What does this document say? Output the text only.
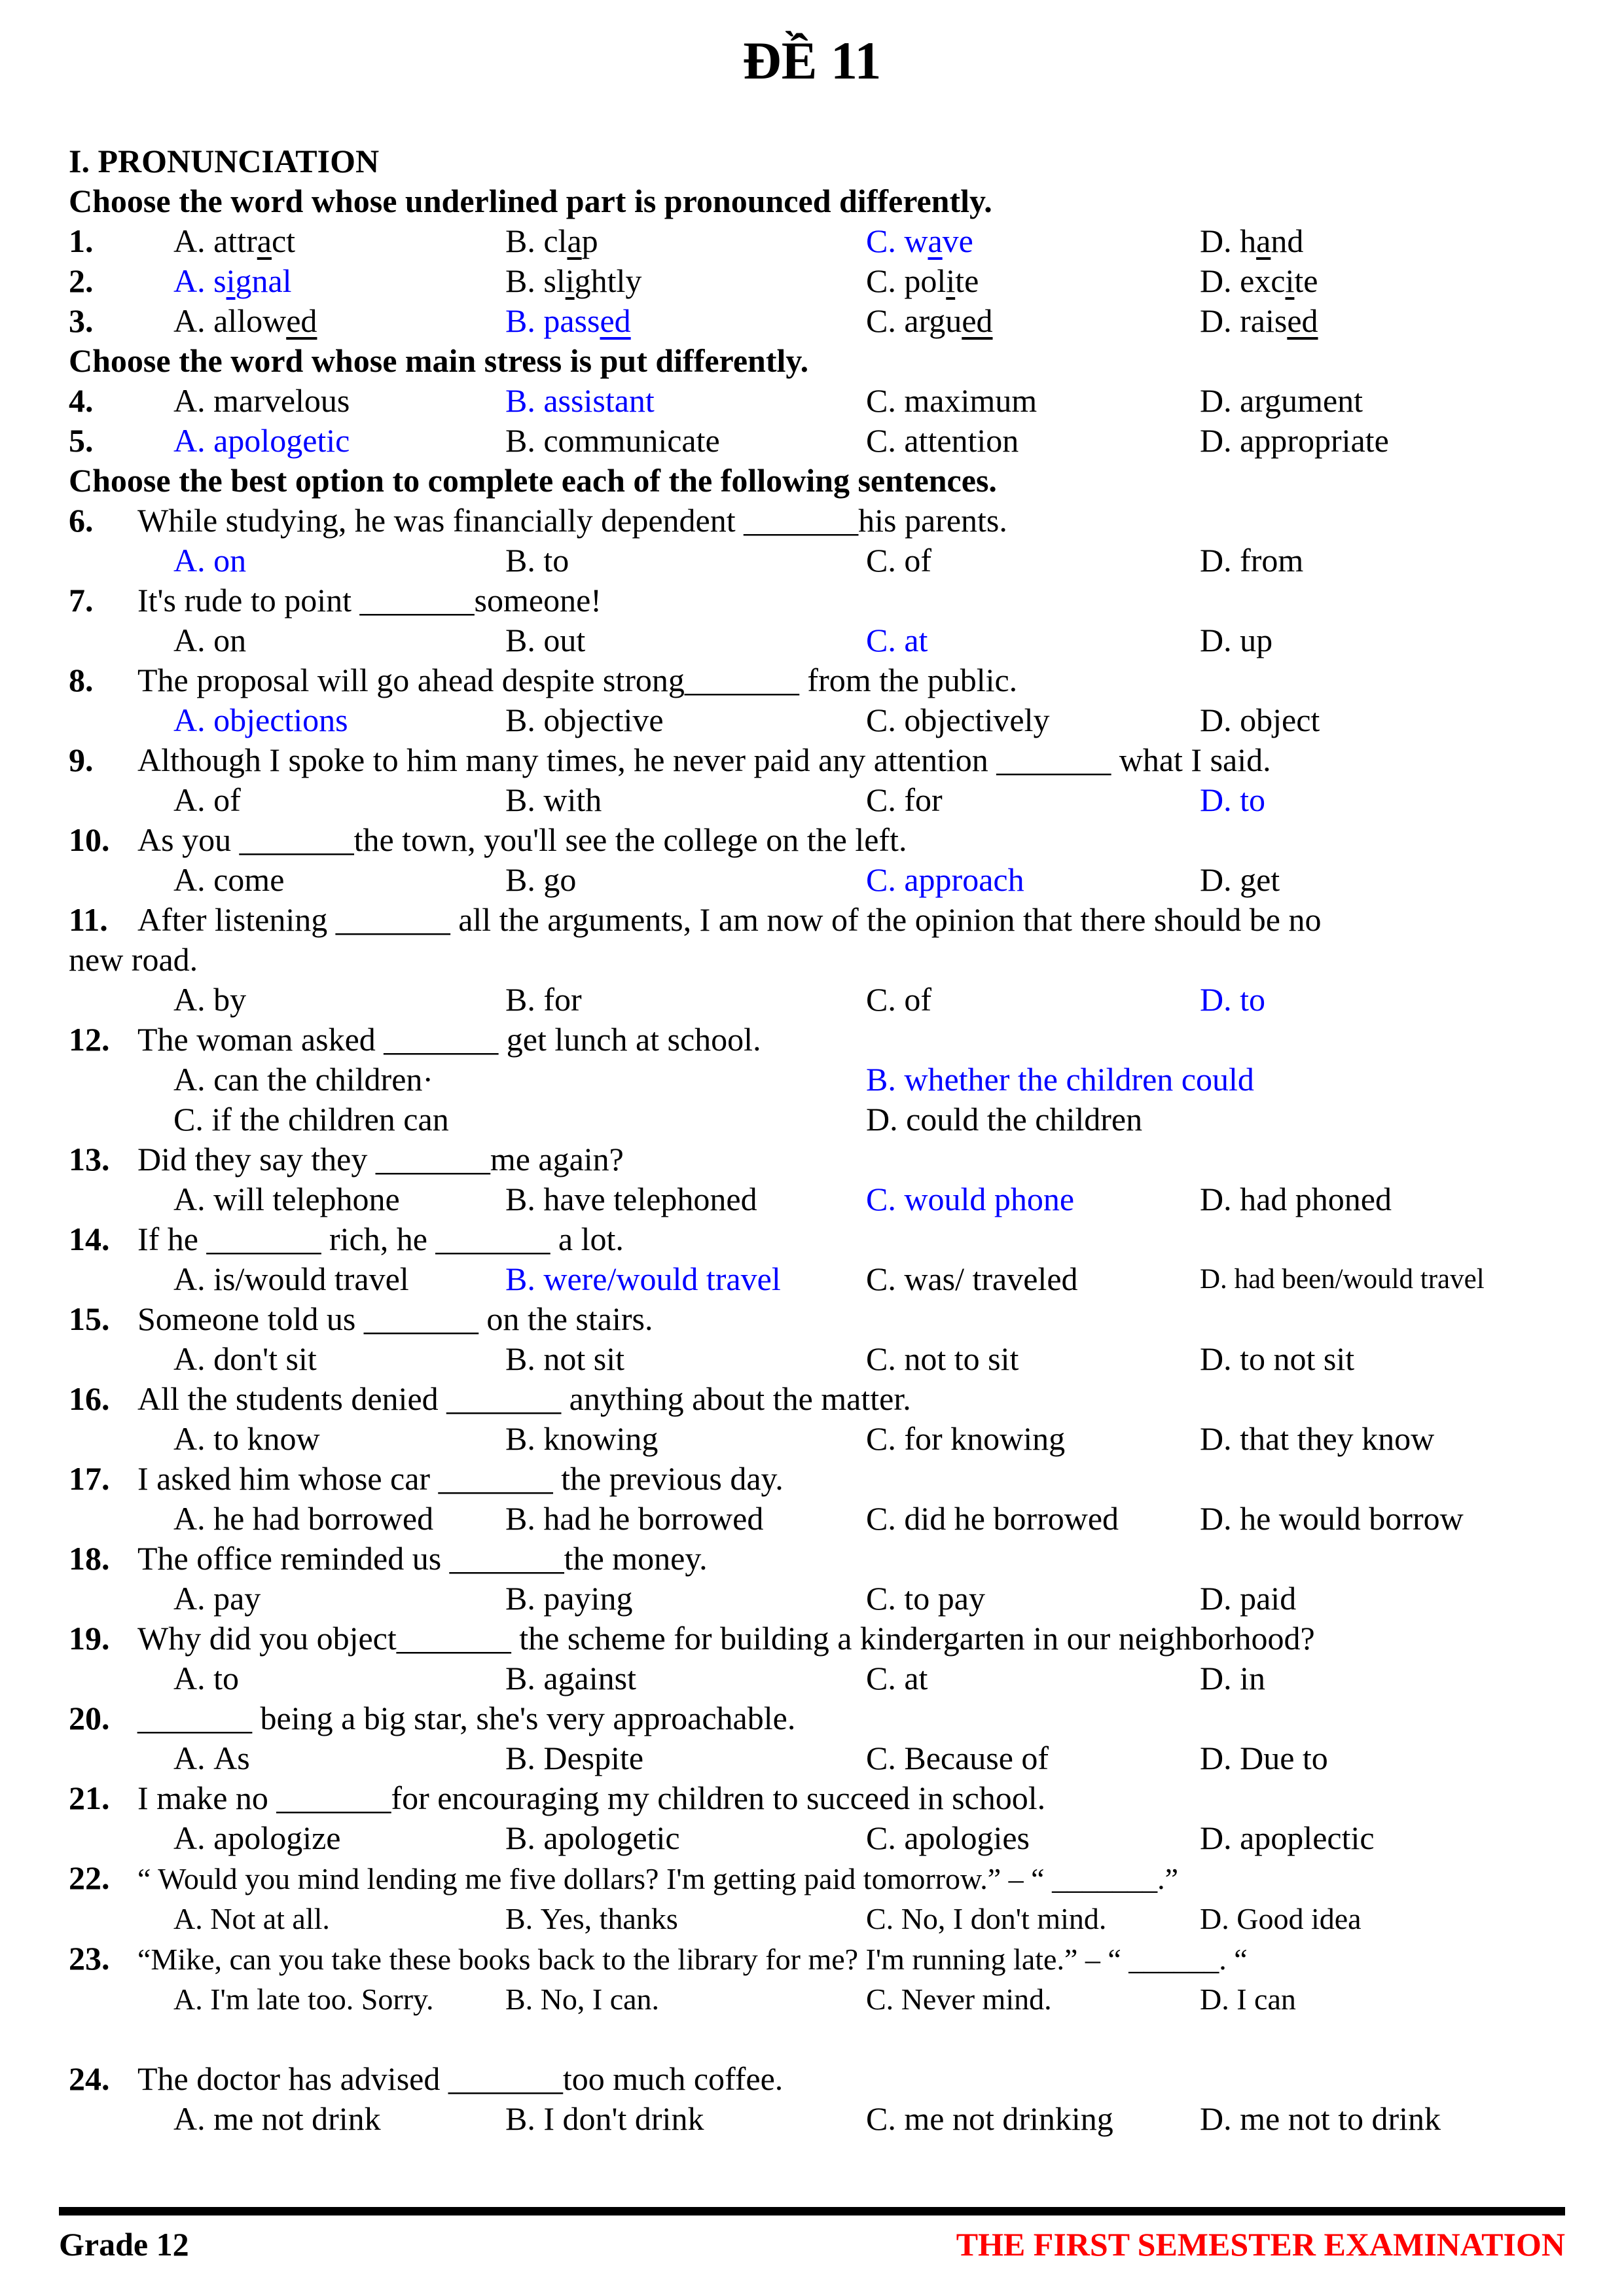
ĐỀ 11
I. PRONUNCIATION
Choose the word whose underlined part is pronounced differently.
1. A. attract	B. clap	C. wave	D. hand
2. A. signal	B. slightly	C. polite	D. excite
3. A. allowed	B. passed	C. argued	D. raised
Choose the word whose main stress is put differently.
4. A. marvelous	B. assistant	C. maximum	D. argument
5. A. apologetic	B. communicate	C. attention	D. appropriate
Choose the best option to complete each of the following sentences.
6. While studying, he was financially dependent _______his parents.
A. on	B. to	C. of	D. from
7. It's rude to point _______someone!
A. on	B. out	C. at	D. up
8. The proposal will go ahead despite strong_______ from the public.
A. objections	B. objective	C. objectively	D. object
9. Although I spoke to him many times, he never paid any attention _______ what I said.
A. of	B. with	C. for	D. to
10. As you _______the town, you'll see the college on the left.
A. come	B. go	C. approach	D. get
11. After listening _______ all the arguments, I am now of the opinion that there should be no
new road.
A. by	B. for	C. of	D. to
12. The woman asked _______ get lunch at school.
A. can the children·	B. whether the children could
C. if the children can	D. could the children
13. Did they say they _______me again?
A. will telephone	B. have telephoned	C. would phone	D. had phoned
14. If he _______ rich, he _______ a lot.
A. is/would travel	B. were/would travel	C. was/ traveled	D. had been/would travel
15. Someone told us _______ on the stairs.
A. don't sit	B. not sit	C. not to sit	D. to not sit
16. All the students denied _______ anything about the matter.
A. to know	B. knowing	C. for knowing	D. that they know
17. I asked him whose car _______ the previous day.
A. he had borrowed B. had he borrowed	C. did he borrowed D. he would borrow
18. The office reminded us _______the money.
A. pay	B. paying	C. to pay	D. paid
19. Why did you object_______ the scheme for building a kindergarten in our neighborhood?
A. to	B. against	C. at	D. in
20. _______ being a big star, she's very approachable.
A. As	B. Despite	C. Because of	D. Due to
21. I make no _______for encouraging my children to succeed in school.
A. apologize	B. apologetic	C. apologies	D. apoplectic
22. “ Would you mind lending me five dollars? I'm getting paid tomorrow.” – “ _______.”
A. Not at all.	B. Yes, thanks	C. No, I don't mind.	D. Good idea
23. “Mike, can you take these books back to the library for me? I'm running late.” – “ ______. “
A. I'm late too. Sorry. B. No, I can.	C. Never mind.	D. I can
24. The doctor has advised _______too much coffee.
A. me not drink	B. I don't drink	C. me not drinking	D. me not to drink
Grade 12	THE FIRST SEMESTER EXAMINATION
